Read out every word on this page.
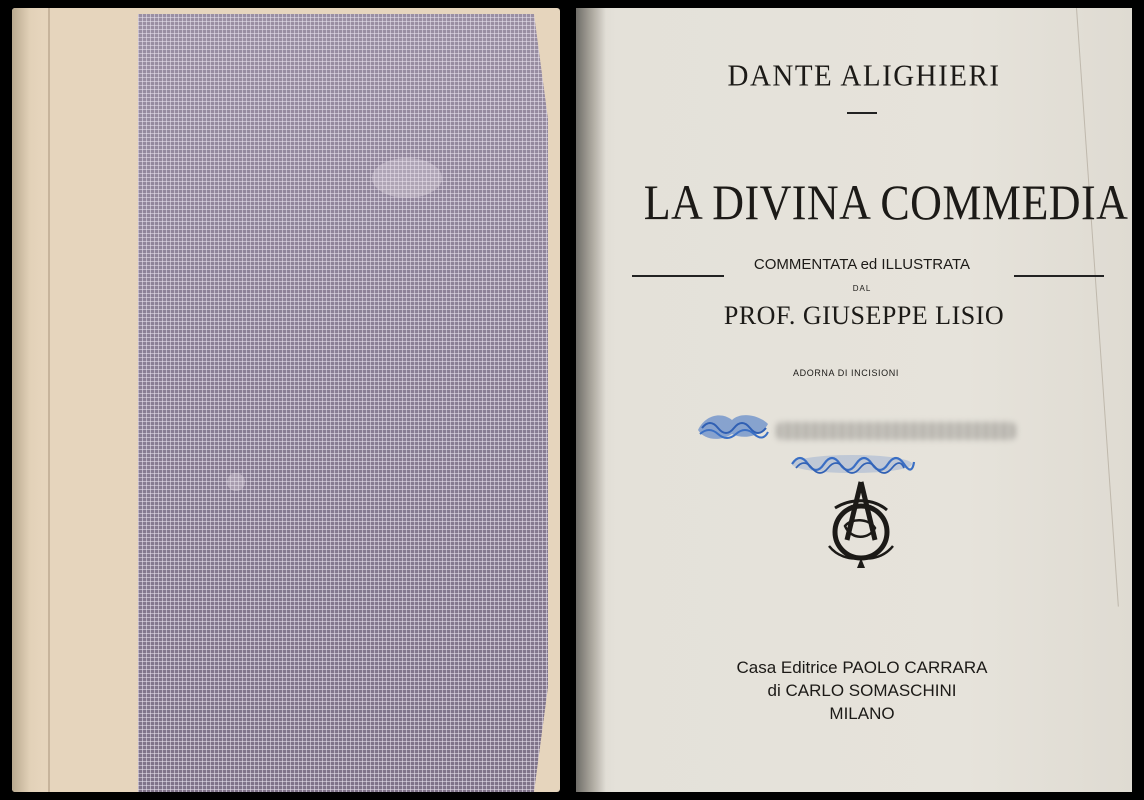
DANTE ALIGHIERI
LA DIVINA COMMEDIA
COMMENTATA ed ILLUSTRATA
DAL
PROF. GIUSEPPE LISIO
ADORNA DI INCISIONI
Casa Editrice PAOLO CARRARA
di CARLO SOMASCHINI
MILANO
